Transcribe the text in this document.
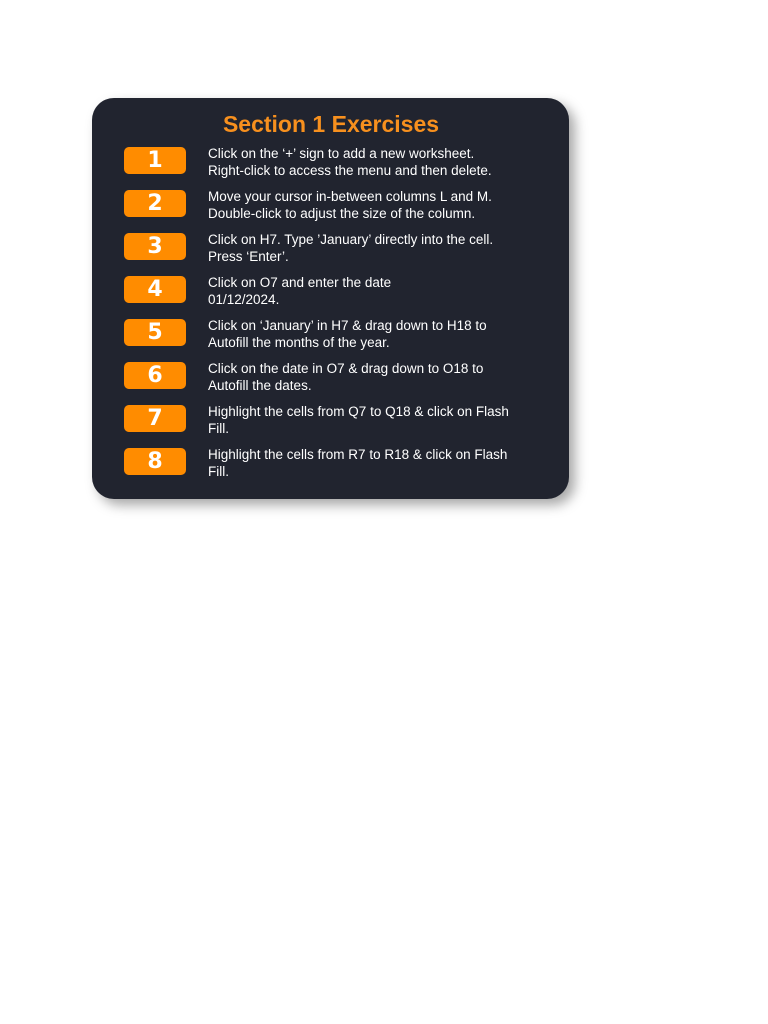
Section 1 Exercises
1	Click on the ‘+’ sign to add a new worksheet.
Right-click to access the menu and then delete.
2	Move your cursor in-between columns L and M.
Double-click to adjust the size of the column.
3	Click on H7. Type ’January’ directly into the cell.
Press ‘Enter’.
4	Click on O7 and enter the date
01/12/2024.
5	Click on ‘January’ in H7 & drag down to H18 to
Autofill the months of the year.
6	Click on the date in O7 & drag down to O18 to
Autofill the dates.
7	Highlight the cells from Q7 to Q18 & click on Flash
Fill.
8	Highlight the cells from R7 to R18 & click on Flash
Fill.
